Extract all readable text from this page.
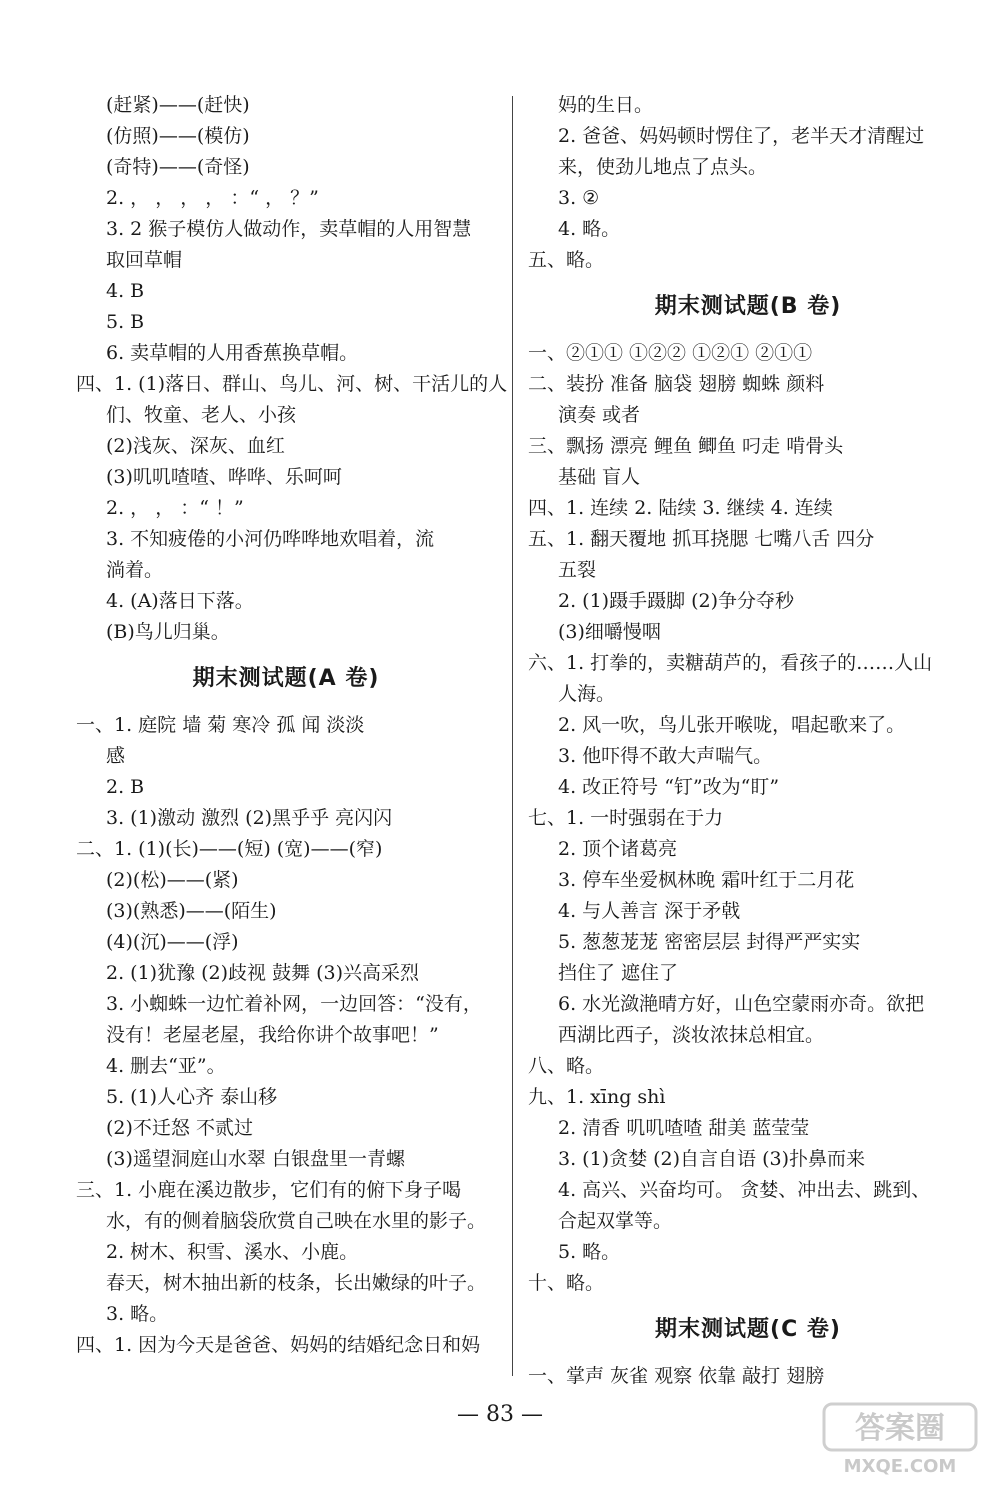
(赶紧)——(赶快)
(仿照)——(模仿)
(奇特)——(奇怪)
2. ， ， ， ， ：“ ， ？”
3. 2 猴子模仿人做动作，卖草帽的人用智慧
取回草帽
4. B
5. B
6. 卖草帽的人用香蕉换草帽。
四、1. (1)落日、群山、鸟儿、河、树、干活儿的人
们、牧童、老人、小孩
(2)浅灰、深灰、血红
(3)叽叽喳喳、哗哗、乐呵呵
2. ， ， ：“ ！”
3. 不知疲倦的小河仍哗哗地欢唱着，流
淌着。
4. (A)落日下落。
(B)鸟儿归巢。
期末测试题(A 卷)
一、1. 庭院 墙 菊 寒冷 孤 闻 淡淡
感
2. B
3. (1)激动 激烈 (2)黑乎乎 亮闪闪
二、1. (1)(长)——(短) (宽)——(窄)
(2)(松)——(紧)
(3)(熟悉)——(陌生)
(4)(沉)——(浮)
2. (1)犹豫 (2)歧视 鼓舞 (3)兴高采烈
3. 小蜘蛛一边忙着补网，一边回答：“没有，
没有！老屋老屋，我给你讲个故事吧！”
4. 删去“亚”。
5. (1)人心齐 泰山移
(2)不迁怒 不贰过
(3)遥望洞庭山水翠 白银盘里一青螺
三、1. 小鹿在溪边散步，它们有的俯下身子喝
水，有的侧着脑袋欣赏自己映在水里的影子。
2. 树木、积雪、溪水、小鹿。
春天，树木抽出新的枝条，长出嫩绿的叶子。
3. 略。
四、1. 因为今天是爸爸、妈妈的结婚纪念日和妈
妈的生日。
2. 爸爸、妈妈顿时愣住了，老半天才清醒过
来，使劲儿地点了点头。
3. ②
4. 略。
五、略。
期末测试题(B 卷)
一、②①① ①②② ①②① ②①①
二、装扮 准备 脑袋 翅膀 蜘蛛 颜料
演奏 或者
三、飘扬 漂亮 鲤鱼 鲫鱼 叼走 啃骨头
基础 盲人
四、1. 连续 2. 陆续 3. 继续 4. 连续
五、1. 翻天覆地 抓耳挠腮 七嘴八舌 四分
五裂
2. (1)蹑手蹑脚 (2)争分夺秒
(3)细嚼慢咽
六、1. 打拳的，卖糖葫芦的，看孩子的……人山
人海。
2. 风一吹，鸟儿张开喉咙，唱起歌来了。
3. 他吓得不敢大声喘气。
4. 改正符号 “钉”改为“盯”
七、1. 一时强弱在于力
2. 顶个诸葛亮
3. 停车坐爱枫林晚 霜叶红于二月花
4. 与人善言 深于矛戟
5. 葱葱茏茏 密密层层 封得严严实实
挡住了 遮住了
6. 水光潋滟晴方好，山色空蒙雨亦奇。欲把
西湖比西子，淡妆浓抹总相宜。
八、略。
九、1. xīng shì
2. 清香 叽叽喳喳 甜美 蓝莹莹
3. (1)贪婪 (2)自言自语 (3)扑鼻而来
4. 高兴、兴奋均可。 贪婪、冲出去、跳到、
合起双掌等。
5. 略。
十、略。
期末测试题(C 卷)
一、掌声 灰雀 观察 依靠 敲打 翅膀
— 83 —	答案圈
MXQE.COM
